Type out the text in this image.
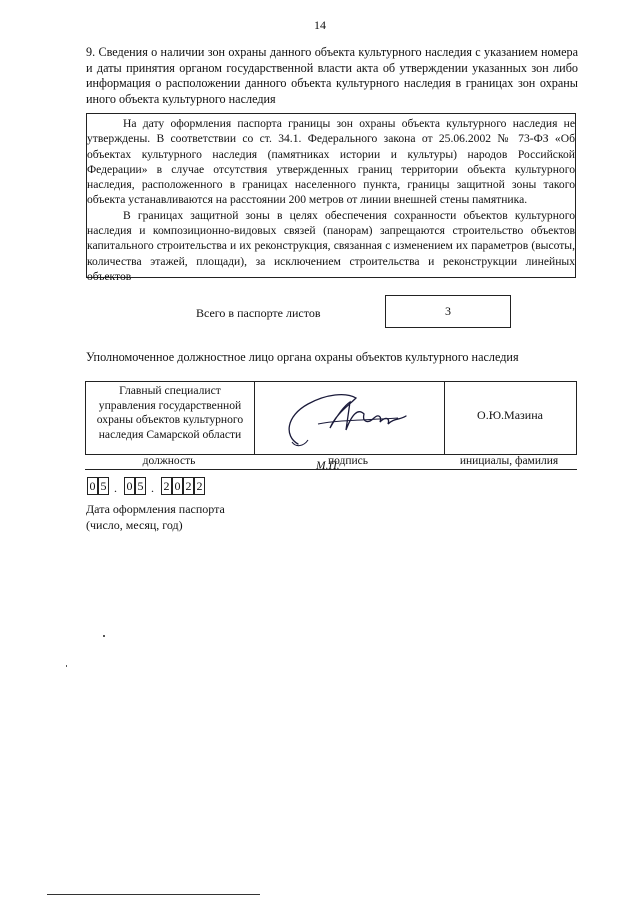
14
9. Сведения о наличии зон охраны данного объекта культурного наследия с указанием номера и даты принятия органом государственной власти акта об утверждении указанных зон либо информация о расположении данного объекта культурного наследия в границах зон охраны иного объекта культурного наследия

На дату оформления паспорта границы зон охраны объекта культурного наследия не утверждены. В соответствии со ст. 34.1. Федерального закона от 25.06.2002 № 73-ФЗ «Об объектах культурного наследия (памятниках истории и культуры) народов Российской Федерации» в случае отсутствия утвержденных границ территории объекта культурного наследия, расположенного в границах населенного пункта, границы защитной зоны такого объекта устанавливаются на расстоянии 200 метров от линии внешней стены памятника.

В границах защитной зоны в целях обеспечения сохранности объектов культурного наследия и композиционно-видовых связей (панорам) запрещаются строительство объектов капитального строительства и их реконструкция, связанная с изменением их параметров (высоты, количества этажей, площади), за исключением строительства и реконструкции линейных объектов

Всего в паспорте листов	3
Уполномоченное должностное лицо органа охраны объектов культурного наследия
Главный специалист управления государственной охраны объектов культурного наследия Самарской области
О.Ю.Мазина
должность	подпись	инициалы, фамилия
М.П.
0 5 . 0 5 . 2 0 2 2
Дата оформления паспорта
(число, месяц, год)
